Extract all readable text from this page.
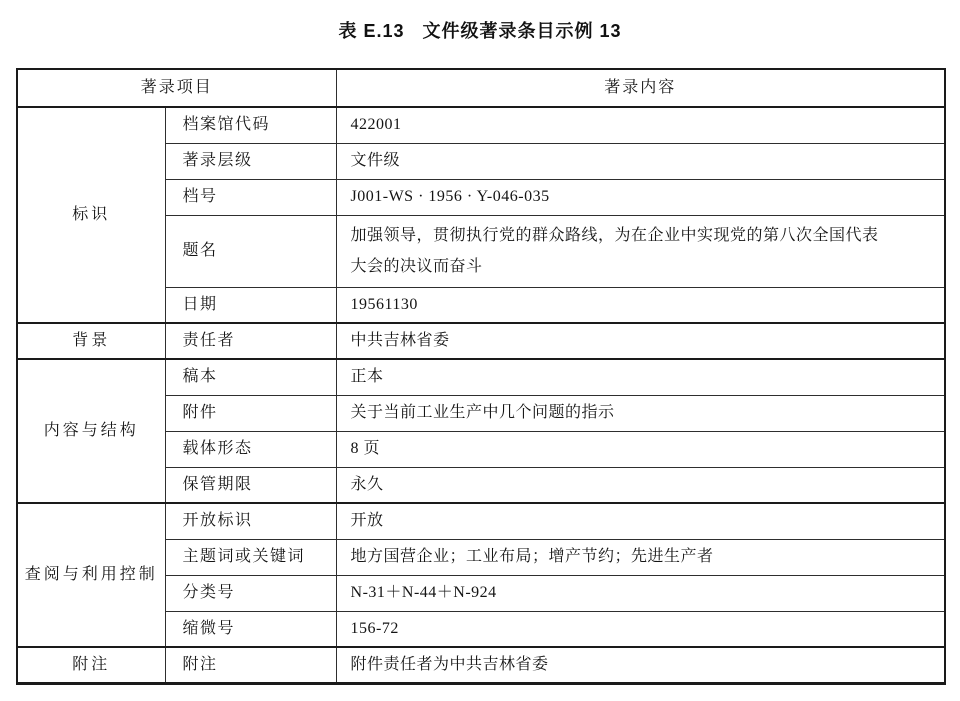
表 E.13 文件级著录条目示例 13
著录项目		著录内容
标识	档案馆代码	422001
	著录层级	文件级
	档号	J001-WS · 1956 · Y-046-035
	题名	加强领导，贯彻执行党的群众路线，为在企业中实现党的第八次全国代表大会的决议而奋斗
	日期	19561130
背景	责任者	中共吉林省委
内容与结构	稿本	正本
	附件	关于当前工业生产中几个问题的指示
	载体形态	8 页
	保管期限	永久
查阅与利用控制	开放标识	开放
	主题词或关键词	地方国营企业；工业布局；增产节约；先进生产者
	分类号	N-31＋N-44＋N-924
	缩微号	156-72
附注	附注	附件责任者为中共吉林省委
